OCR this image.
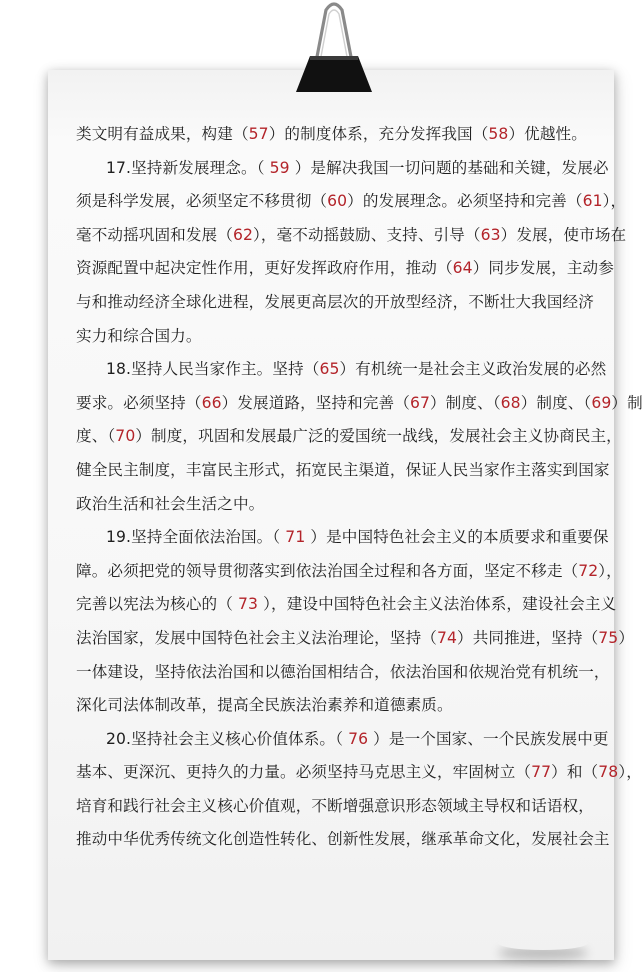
类文明有益成果，构建（57）的制度体系，充分发挥我国（58）优越性。
17.坚持新发展理念。（ 59 ）是解决我国一切问题的基础和关键，发展必
须是科学发展，必须坚定不移贯彻（60）的发展理念。必须坚持和完善（61），
毫不动摇巩固和发展（62），毫不动摇鼓励、支持、引导（63）发展，使市场在
资源配置中起决定性作用，更好发挥政府作用，推动（64）同步发展，主动参
与和推动经济全球化进程，发展更高层次的开放型经济，不断壮大我国经济
实力和综合国力。
18.坚持人民当家作主。坚持（65）有机统一是社会主义政治发展的必然
要求。必须坚持（66）发展道路，坚持和完善（67）制度、（68）制度、（69）制
度、（70）制度，巩固和发展最广泛的爱国统一战线，发展社会主义协商民主，
健全民主制度，丰富民主形式，拓宽民主渠道，保证人民当家作主落实到国家
政治生活和社会生活之中。
19.坚持全面依法治国。（ 71 ）是中国特色社会主义的本质要求和重要保
障。必须把党的领导贯彻落实到依法治国全过程和各方面，坚定不移走（72），
完善以宪法为核心的（ 73 ），建设中国特色社会主义法治体系，建设社会主义
法治国家，发展中国特色社会主义法治理论，坚持（74）共同推进，坚持（75）
一体建设，坚持依法治国和以德治国相结合，依法治国和依规治党有机统一，
深化司法体制改革，提高全民族法治素养和道德素质。
20.坚持社会主义核心价值体系。（ 76 ）是一个国家、一个民族发展中更
基本、更深沉、更持久的力量。必须坚持马克思主义，牢固树立（77）和（78），
培育和践行社会主义核心价值观，不断增强意识形态领域主导权和话语权，
推动中华优秀传统文化创造性转化、创新性发展，继承革命文化，发展社会主
